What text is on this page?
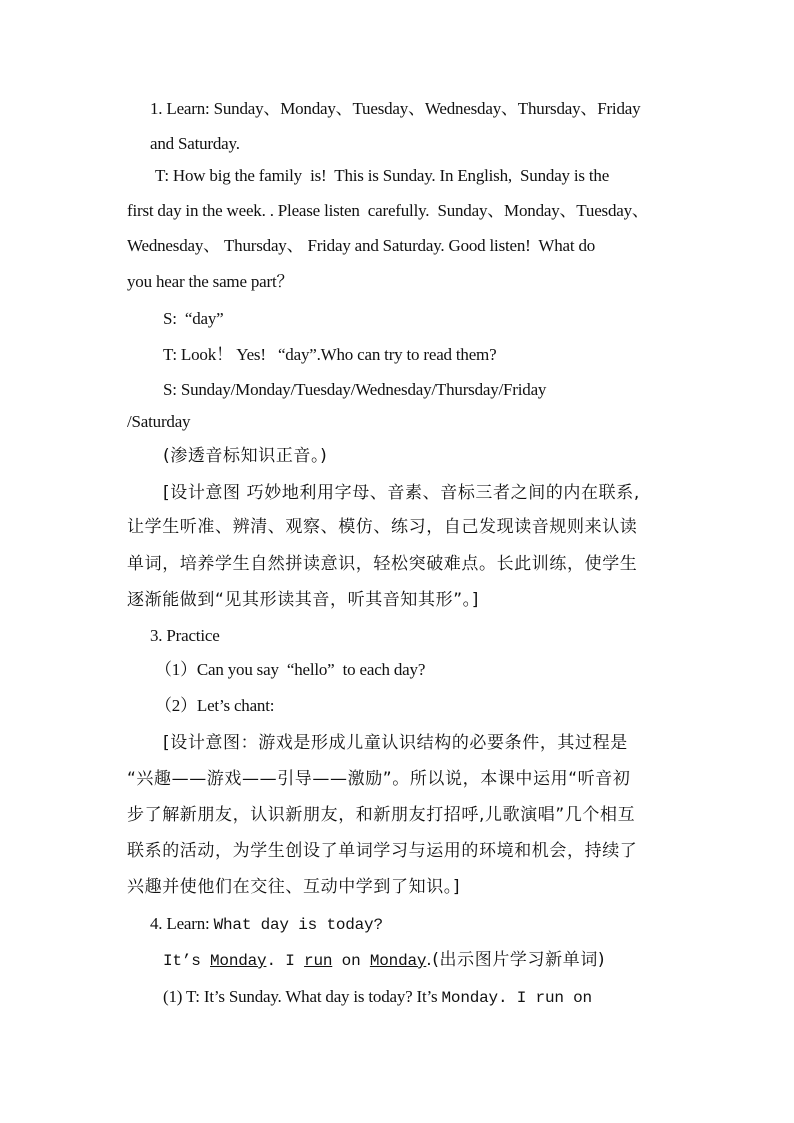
1. Learn: Sunday、Monday、Tuesday、Wednesday、Thursday、Friday
and Saturday.
T: How big the family  is!  This is Sunday. In English,  Sunday is the
first day in the week. . Please listen  carefully.  Sunday、Monday、Tuesday、
Wednesday、 Thursday、 Friday and Saturday. Good listen!  What do
you hear the same part？
S:  “day”
T: Look！ Yes!   “day”.Who can try to read them?
S: Sunday/Monday/Tuesday/Wednesday/Thursday/Friday
/Saturday
(渗透音标知识正音。)
[设计意图 巧妙地利用字母、音素、音标三者之间的内在联系,
让学生听准、辨清、观察、模仿、练习，自己发现读音规则来认读
单词，培养学生自然拼读意识，轻松突破难点。长此训练，使学生
逐渐能做到“见其形读其音，听其音知其形”。]
3. Practice
（1）Can you say  “hello”  to each day?
（2）Let’s chant:
[设计意图：游戏是形成儿童认识结构的必要条件，其过程是
“兴趣——游戏——引导——激励”。所以说，本课中运用“听音初
步了解新朋友，认识新朋友，和新朋友打招呼,儿歌演唱”几个相互
联系的活动，为学生创设了单词学习与运用的环境和机会，持续了
兴趣并使他们在交往、互动中学到了知识。]
4. Learn: What day is today?
It’s Monday. I run on Monday.(出示图片学习新单词)
(1) T: It’s Sunday. What day is today? It’s Monday. I run on
